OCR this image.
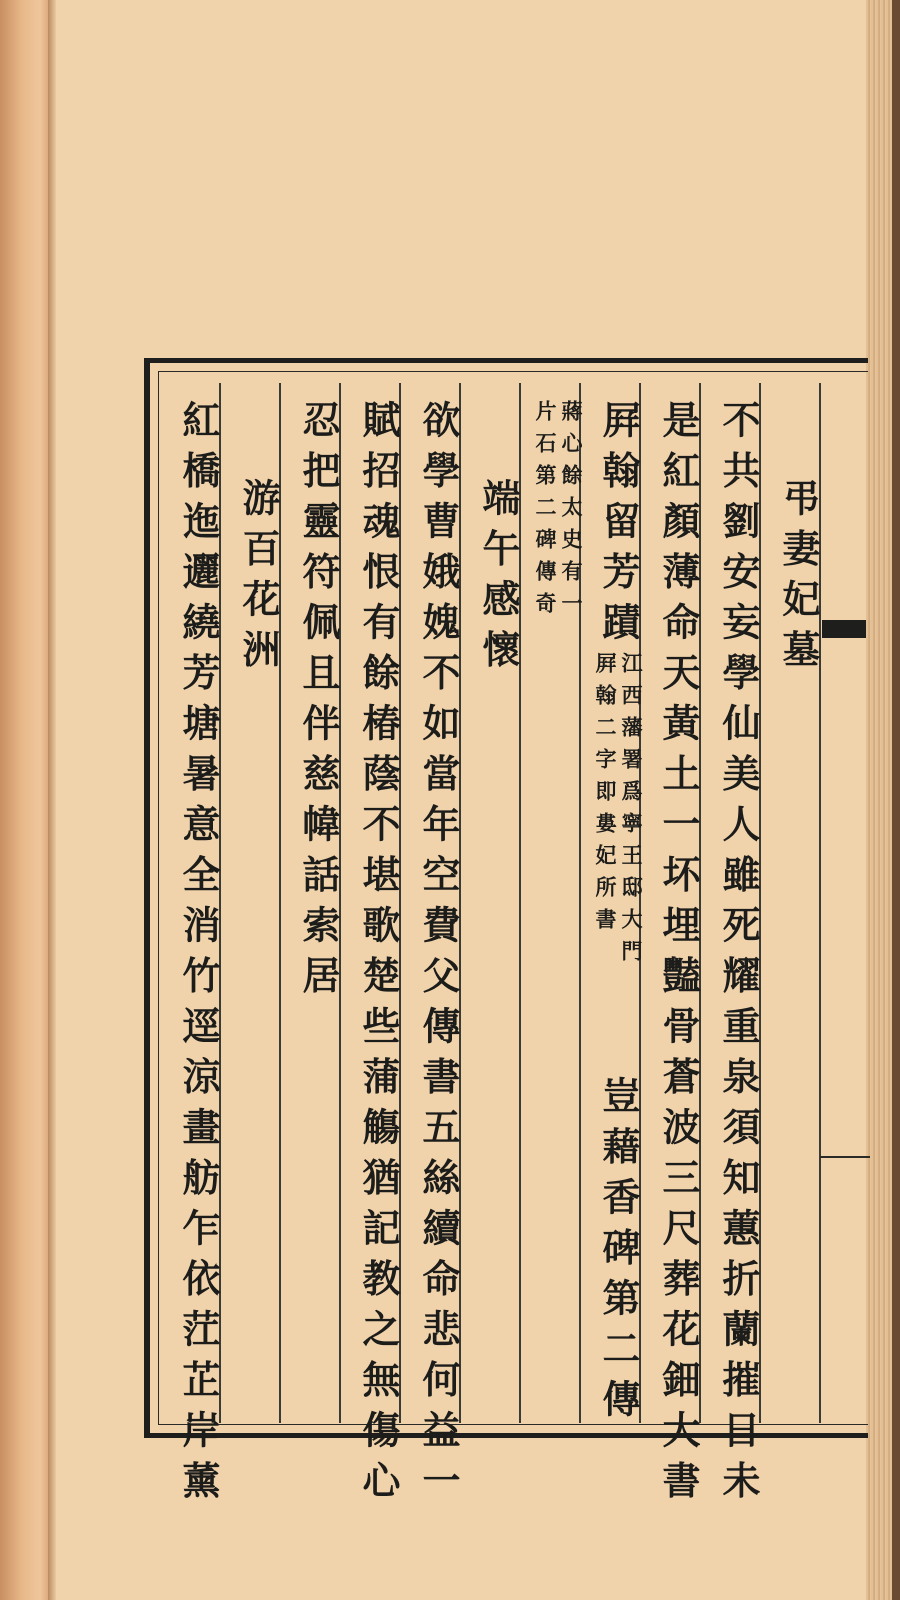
弔妻妃墓
不共劉安妄學仙美人雖死耀重泉須知蕙折蘭摧日未
是紅顏薄命天黃土一坏埋豔骨蒼波三尺葬花鈿大書
屛翰留芳蹟
江西藩署爲寧王邸大門
屛翰二字即婁妃所書
豈藉香碑第二傳
蔣心餘太史有一
片石第二碑傳奇
端午感懷
欲學曹娥媿不如當年空費父傳書五絲續命悲何益一
賦招魂恨有餘椿蔭不堪歌楚些蒲觴猶記教之無傷心
忍把靈符佩且伴慈幃話索居
游百花洲
紅橋迤邐繞芳塘暑意全消竹逕涼畫舫乍依茳芷岸薰
